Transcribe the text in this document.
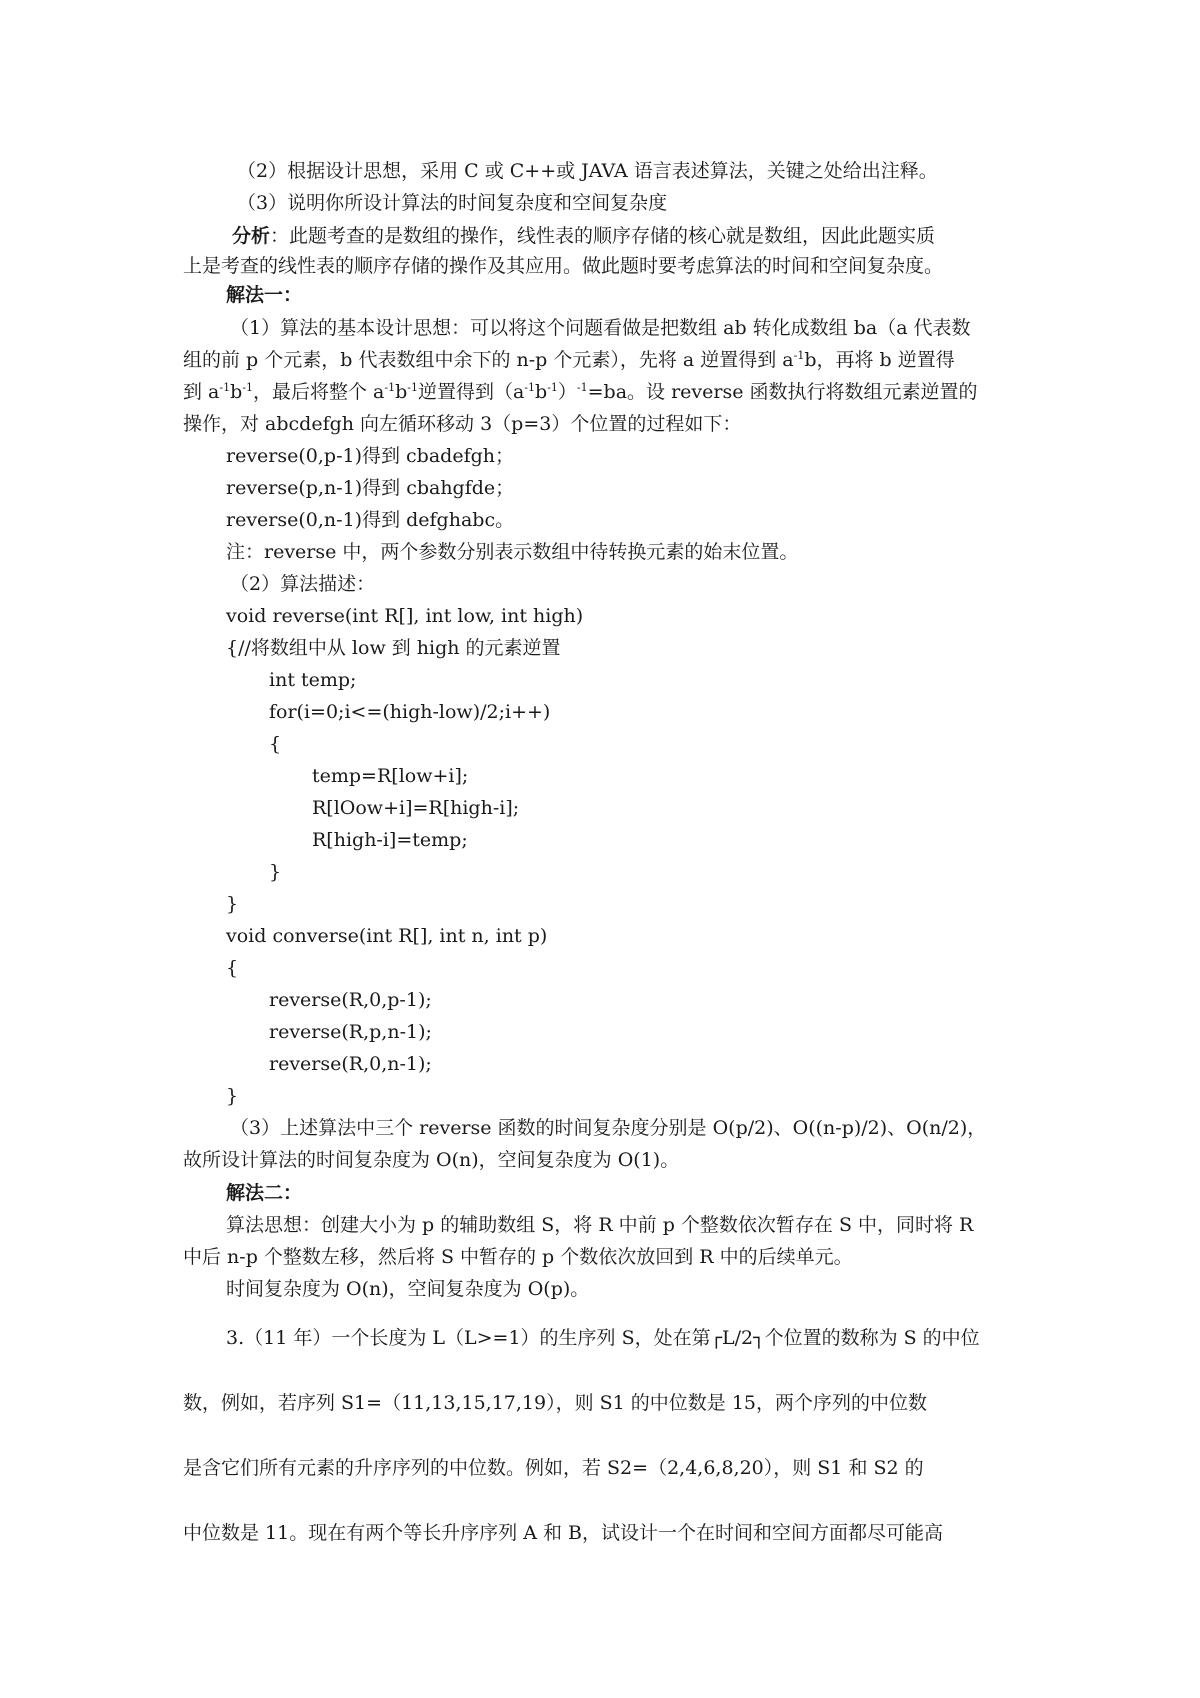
（2）根据设计思想，采用 C 或 C++或 JAVA 语言表述算法，关键之处给出注释。
（3）说明你所设计算法的时间复杂度和空间复杂度
分析：此题考查的是数组的操作，线性表的顺序存储的核心就是数组，因此此题实质
上是考查的线性表的顺序存储的操作及其应用。做此题时要考虑算法的时间和空间复杂度。
解法一：
（1）算法的基本设计思想：可以将这个问题看做是把数组 ab 转化成数组 ba（a 代表数
组的前 p 个元素，b 代表数组中余下的 n-p 个元素），先将 a 逆置得到 $a^{-1}b$，再将 b 逆置得
到 $a^{-1}b^{-1}$，最后将整个 $a^{-1}b^{-1}$逆置得到$(a^{-1}b^{-1})^{-1}=ba$。设 reverse 函数执行将数组元素逆置的
操作，对 abcdefgh 向左循环移动 3（p=3）个位置的过程如下：
reverse(0,p-1)得到 cbadefgh；
reverse(p,n-1)得到 cbahgfde；
reverse(0,n-1)得到 defghabc。
注：reverse 中，两个参数分别表示数组中待转换元素的始末位置。
（2）算法描述：
void reverse(int R[], int low, int high)
{//将数组中从 low 到 high 的元素逆置
int temp;
for(i=0;i<=(high-low)/2;i++)
{
temp=R[low+i];
R[lOow+i]=R[high-i];
R[high-i]=temp;
}
}
void converse(int R[], int n, int p)
{
reverse(R,0,p-1);
reverse(R,p,n-1);
reverse(R,0,n-1);
}
（3）上述算法中三个 reverse 函数的时间复杂度分别是 O(p/2)、O((n-p)/2)、O(n/2)，
故所设计算法的时间复杂度为 O(n)，空间复杂度为 O(1)。
解法二：
算法思想：创建大小为 p 的辅助数组 S，将 R 中前 p 个整数依次暂存在 S 中，同时将 R
中后 n-p 个整数左移，然后将 S 中暂存的 p 个数依次放回到 R 中的后续单元。
时间复杂度为 O(n)，空间复杂度为 O(p)。
3.（11 年）一个长度为 L（L>=1）的生序列 S，处在第┌L/2┐个位置的数称为 S 的中位
数，例如，若序列 S1=（11,13,15,17,19），则 S1 的中位数是 15，两个序列的中位数
是含它们所有元素的升序序列的中位数。例如，若 S2=（2,4,6,8,20），则 S1 和 S2 的
中位数是 11。现在有两个等长升序序列 A 和 B，试设计一个在时间和空间方面都尽可能高
